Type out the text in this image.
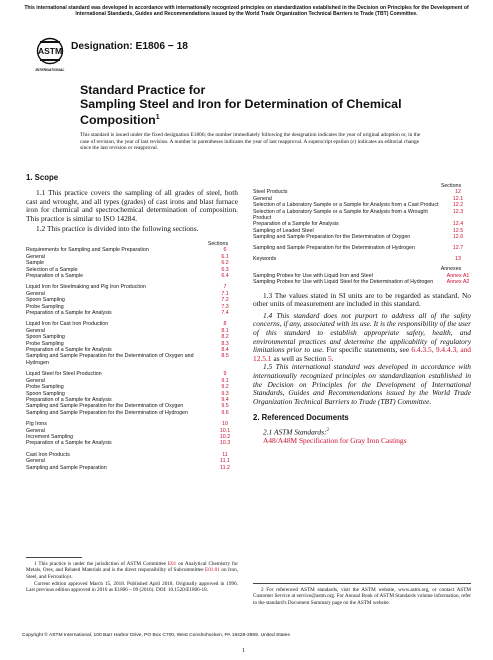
This international standard was developed in accordance with internationally recognized principles on standardization established in the Decision on Principles for the Development of International Standards, Guides and Recommendations issued by the World Trade Organization Technical Barriers to Trade (TBT) Committee.
ASTM
INTERNATIONAL
Designation: E1806 − 18
Standard Practice for
Sampling Steel and Iron for Determination of Chemical Composition$^1$
This standard is issued under the fixed designation E1806; the number immediately following the designation indicates the year of original adoption or, in the case of revision, the year of last revision. A number in parentheses indicates the year of last reapproval. A superscript epsilon (ε) indicates an editorial change since the last revision or reapproval.
1. Scope
1.1 This practice covers the sampling of all grades of steel, both cast and wrought, and all types (grades) of cast irons and blast furnace iron for chemical and spectrochemical determination of composition. This practice is similar to ISO 14284.
1.2 This practice is divided into the following sections.
Sections
Requirements for Sampling and Sample Preparation	6
General	6.1
Sample	6.2
Selection of a Sample	6.3
Preparation of a Sample	6.4
Liquid Iron for Steelmaking and Pig Iron Production	7
General	7.1
Spoon Sampling	7.2
Probe Sampling	7.3
Preparation of a Sample for Analysis	7.4
Liquid Iron for Cast Iron Production	8
General	8.1
Spoon Sampling	8.2
Probe Sampling	8.3
Preparation of a Sample for Analysis	8.4
Sampling and Sample Preparation for the Determination of Oxygen and Hydrogen
8.5
Liquid Steel for Steel Production	9
General	9.1
Probe Sampling	9.2
Spoon Sampling	9.3
Preparation of a Sample for Analysis	9.4
Sampling and Sample Preparation for the Determination of Oxygen	9.5
Sampling and Sample Preparation for the Determination of Hydrogen	9.6
Pig Irons	10
General	10.1
Increment Sampling	10.2
Preparation of a Sample for Analysis	10.3
Cast Iron Products	11
General	11.1
Sampling and Sample Preparation	11.2
Sections
Steel Products	12
General	12.1
Selection of a Laboratory Sample or a Sample for Analysis from a Cast Product	12.2
Selection of a Laboratory Sample or a Sample for Analysis from a Wrought Product
12.3
Preparation of a Sample for Analysis	12.4
Sampling of Leaded Steel	12.5
Sampling and Sample Preparation for the Determination of Oxygen	12.6
Sampling and Sample Preparation for the Determination of Hydrogen	12.7
Keywords	13
Annexes
Sampling Probes for Use with Liquid Iron and Steel	Annex A1
Sampling Probes for Use with Liquid Steel for the Determination of Hydrogen	Annex A2
1.3 The values stated in SI units are to be regarded as standard. No other units of measurement are included in this standard.
1.4 This standard does not purport to address all of the safety concerns, if any, associated with its use. It is the responsibility of the user of this standard to establish appropriate safety, health, and environmental practices and determine the applicability of regulatory limitations prior to use. For specific statements, see 6.4.3.5, 9.4.4.3, and 12.5.1 as well as Section 5.
1.5 This international standard was developed in accordance with internationally recognized principles on standardization established in the Decision on Principles for the Development of International Standards, Guides and Recommendations issued by the World Trade Organization Technical Barriers to Trade (TBT) Committee.
2. Referenced Documents
2.1 ASTM Standards:$^2$
A48/A48M Specification for Gray Iron Castings
1 This practice is under the jurisdiction of ASTM Committee E01 on Analytical Chemistry for Metals, Ores, and Related Materials and is the direct responsibility of Subcommittee E01.01 on Iron, Steel, and Ferroalloys.
Current edition approved March 15, 2018. Published April 2018. Originally approved in 1996. Last previous edition approved in 2016 as E1806 – 09 (2016). DOI: 10.1520/E1806-18.	2 For referenced ASTM standards, visit the ASTM website, www.astm.org, or contact ASTM Customer Service at service@astm.org. For Annual Book of ASTM Standards volume information, refer to the standard's Document Summary page on the ASTM website.
Copyright © ASTM International, 100 Barr Harbor Drive, PO Box C700, West Conshohocken, PA 19428-2959. United States
1
